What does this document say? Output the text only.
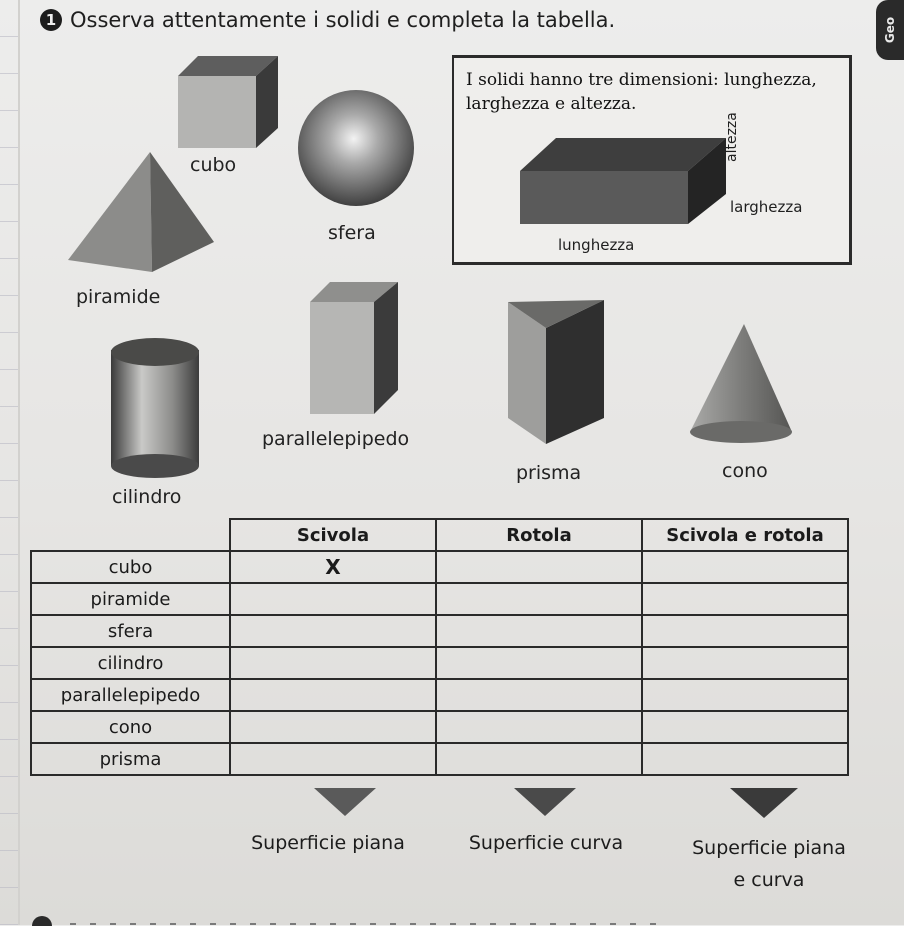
1 Osserva attentamente i solidi e completa la tabella.	Geo
cubo
sfera
piramide
parallelepipedo
cilindro
prisma	cono
I solidi hanno tre dimensioni: lunghezza, larghezza e altezza.
altezza
larghezza
lunghezza
	Scivola	Rotola	Scivola e rotola
cubo	X		
piramide			
sfera			
cilindro			
parallelepipedo			
cono			
prisma			
Superficie piana	Superficie curva	Superficie piana
e curva
